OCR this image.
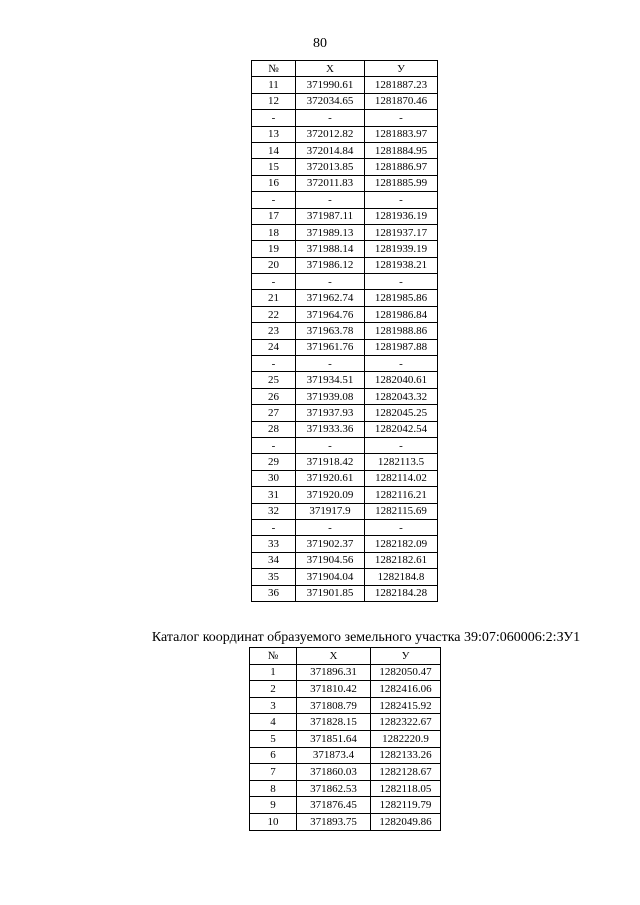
80
№	X	У
11	371990.61	1281887.23
12	372034.65	1281870.46
-	-	-
13	372012.82	1281883.97
14	372014.84	1281884.95
15	372013.85	1281886.97
16	372011.83	1281885.99
-	-	-
17	371987.11	1281936.19
18	371989.13	1281937.17
19	371988.14	1281939.19
20	371986.12	1281938.21
-	-	-
21	371962.74	1281985.86
22	371964.76	1281986.84
23	371963.78	1281988.86
24	371961.76	1281987.88
-	-	-
25	371934.51	1282040.61
26	371939.08	1282043.32
27	371937.93	1282045.25
28	371933.36	1282042.54
-	-	-
29	371918.42	1282113.5
30	371920.61	1282114.02
31	371920.09	1282116.21
32	371917.9	1282115.69
-	-	-
33	371902.37	1282182.09
34	371904.56	1282182.61
35	371904.04	1282184.8
36	371901.85	1282184.28
Каталог координат образуемого земельного участка 39:07:060006:2:ЗУ1
№	X	У
1	371896.31	1282050.47
2	371810.42	1282416.06
3	371808.79	1282415.92
4	371828.15	1282322.67
5	371851.64	1282220.9
6	371873.4	1282133.26
7	371860.03	1282128.67
8	371862.53	1282118.05
9	371876.45	1282119.79
10	371893.75	1282049.86
